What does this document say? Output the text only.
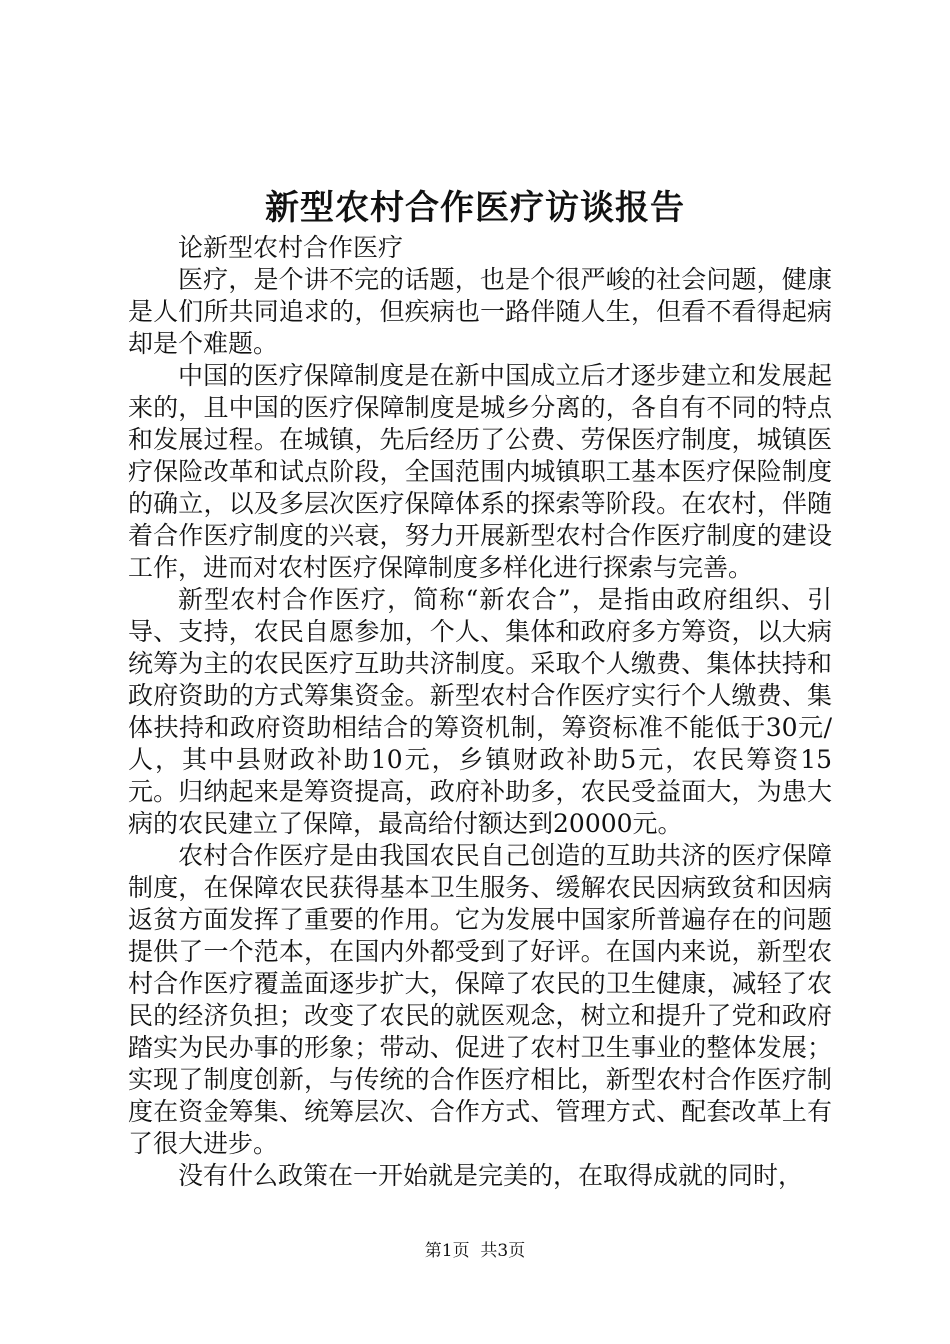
新型农村合作医疗访谈报告

论新型农村合作医疗

医疗，是个讲不完的话题，也是个很严峻的社会问题，健康是人们所共同追求的，但疾病也一路伴随人生，但看不看得起病却是个难题。

中国的医疗保障制度是在新中国成立后才逐步建立和发展起来的，且中国的医疗保障制度是城乡分离的，各自有不同的特点和发展过程。在城镇，先后经历了公费、劳保医疗制度，城镇医疗保险改革和试点阶段，全国范围内城镇职工基本医疗保险制度的确立，以及多层次医疗保障体系的探索等阶段。在农村，伴随着合作医疗制度的兴衰，努力开展新型农村合作医疗制度的建设工作，进而对农村医疗保障制度多样化进行探索与完善。

新型农村合作医疗，简称“新农合”，是指由政府组织、引导、支持，农民自愿参加，个人、集体和政府多方筹资，以大病统筹为主的农民医疗互助共济制度。采取个人缴费、集体扶持和政府资助的方式筹集资金。新型农村合作医疗实行个人缴费、集体扶持和政府资助相结合的筹资机制，筹资标准不能低于30元/人，其中县财政补助10元，乡镇财政补助5元，农民筹资15元。归纳起来是筹资提高，政府补助多，农民受益面大，为患大病的农民建立了保障，最高给付额达到20000元。

农村合作医疗是由我国农民自己创造的互助共济的医疗保障制度，在保障农民获得基本卫生服务、缓解农民因病致贫和因病返贫方面发挥了重要的作用。它为发展中国家所普遍存在的问题提供了一个范本，在国内外都受到了好评。在国内来说，新型农村合作医疗覆盖面逐步扩大，保障了农民的卫生健康，减轻了农民的经济负担；改变了农民的就医观念，树立和提升了党和政府踏实为民办事的形象；带动、促进了农村卫生事业的整体发展；实现了制度创新，与传统的合作医疗相比，新型农村合作医疗制度在资金筹集、统筹层次、合作方式、管理方式、配套改革上有了很大进步。

没有什么政策在一开始就是完美的，在取得成就的同时，

第1页 共3页
